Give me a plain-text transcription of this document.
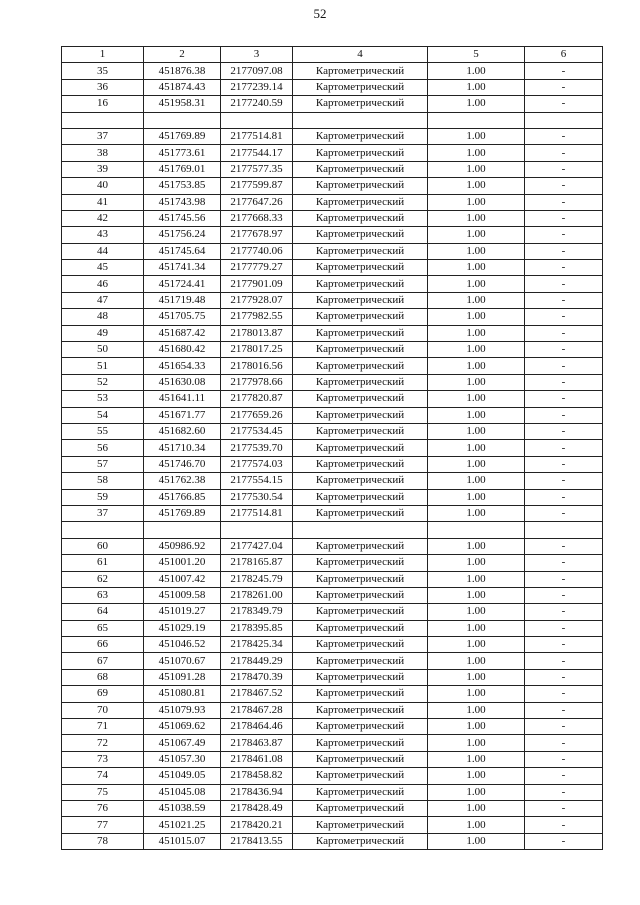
52
1	2	3	4	5	6
35	451876.38	2177097.08	Картометрический	1.00	-
36	451874.43	2177239.14	Картометрический	1.00	-
16	451958.31	2177240.59	Картометрический	1.00	-

37	451769.89	2177514.81	Картометрический	1.00	-
38	451773.61	2177544.17	Картометрический	1.00	-
39	451769.01	2177577.35	Картометрический	1.00	-
40	451753.85	2177599.87	Картометрический	1.00	-
41	451743.98	2177647.26	Картометрический	1.00	-
42	451745.56	2177668.33	Картометрический	1.00	-
43	451756.24	2177678.97	Картометрический	1.00	-
44	451745.64	2177740.06	Картометрический	1.00	-
45	451741.34	2177779.27	Картометрический	1.00	-
46	451724.41	2177901.09	Картометрический	1.00	-
47	451719.48	2177928.07	Картометрический	1.00	-
48	451705.75	2177982.55	Картометрический	1.00	-
49	451687.42	2178013.87	Картометрический	1.00	-
50	451680.42	2178017.25	Картометрический	1.00	-
51	451654.33	2178016.56	Картометрический	1.00	-
52	451630.08	2177978.66	Картометрический	1.00	-
53	451641.11	2177820.87	Картометрический	1.00	-
54	451671.77	2177659.26	Картометрический	1.00	-
55	451682.60	2177534.45	Картометрический	1.00	-
56	451710.34	2177539.70	Картометрический	1.00	-
57	451746.70	2177574.03	Картометрический	1.00	-
58	451762.38	2177554.15	Картометрический	1.00	-
59	451766.85	2177530.54	Картометрический	1.00	-
37	451769.89	2177514.81	Картометрический	1.00	-

60	450986.92	2177427.04	Картометрический	1.00	-
61	451001.20	2178165.87	Картометрический	1.00	-
62	451007.42	2178245.79	Картометрический	1.00	-
63	451009.58	2178261.00	Картометрический	1.00	-
64	451019.27	2178349.79	Картометрический	1.00	-
65	451029.19	2178395.85	Картометрический	1.00	-
66	451046.52	2178425.34	Картометрический	1.00	-
67	451070.67	2178449.29	Картометрический	1.00	-
68	451091.28	2178470.39	Картометрический	1.00	-
69	451080.81	2178467.52	Картометрический	1.00	-
70	451079.93	2178467.28	Картометрический	1.00	-
71	451069.62	2178464.46	Картометрический	1.00	-
72	451067.49	2178463.87	Картометрический	1.00	-
73	451057.30	2178461.08	Картометрический	1.00	-
74	451049.05	2178458.82	Картометрический	1.00	-
75	451045.08	2178436.94	Картометрический	1.00	-
76	451038.59	2178428.49	Картометрический	1.00	-
77	451021.25	2178420.21	Картометрический	1.00	-
78	451015.07	2178413.55	Картометрический	1.00	-
